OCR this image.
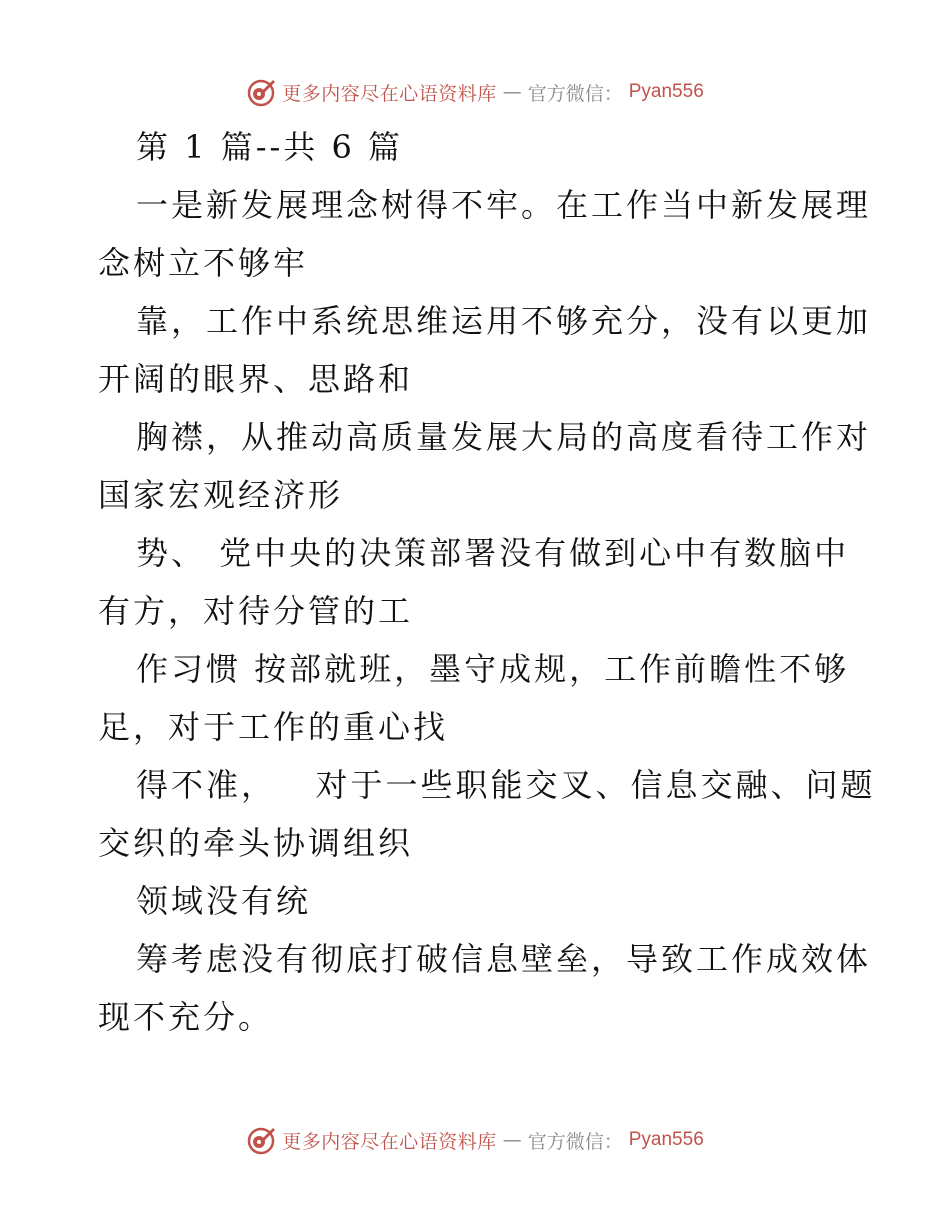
更多内容尽在心语资料库 — 官方微信： Pyan556
第 1 篇--共 6 篇
一是新发展理念树得不牢。在工作当中新发展理
念树立不够牢
靠，工作中系统思维运用不够充分，没有以更加
开阔的眼界、思路和
胸襟，从推动高质量发展大局的高度看待工作对
国家宏观经济形
势、 党中央的决策部署没有做到心中有数脑中
有方，对待分管的工
作习惯 按部就班，墨守成规，工作前瞻性不够
足，对于工作的重心找
得不准，   对于一些职能交叉、信息交融、问题
交织的牵头协调组织
领域没有统
筹考虑没有彻底打破信息壁垒，导致工作成效体
现不充分。
更多内容尽在心语资料库 — 官方微信： Pyan556
